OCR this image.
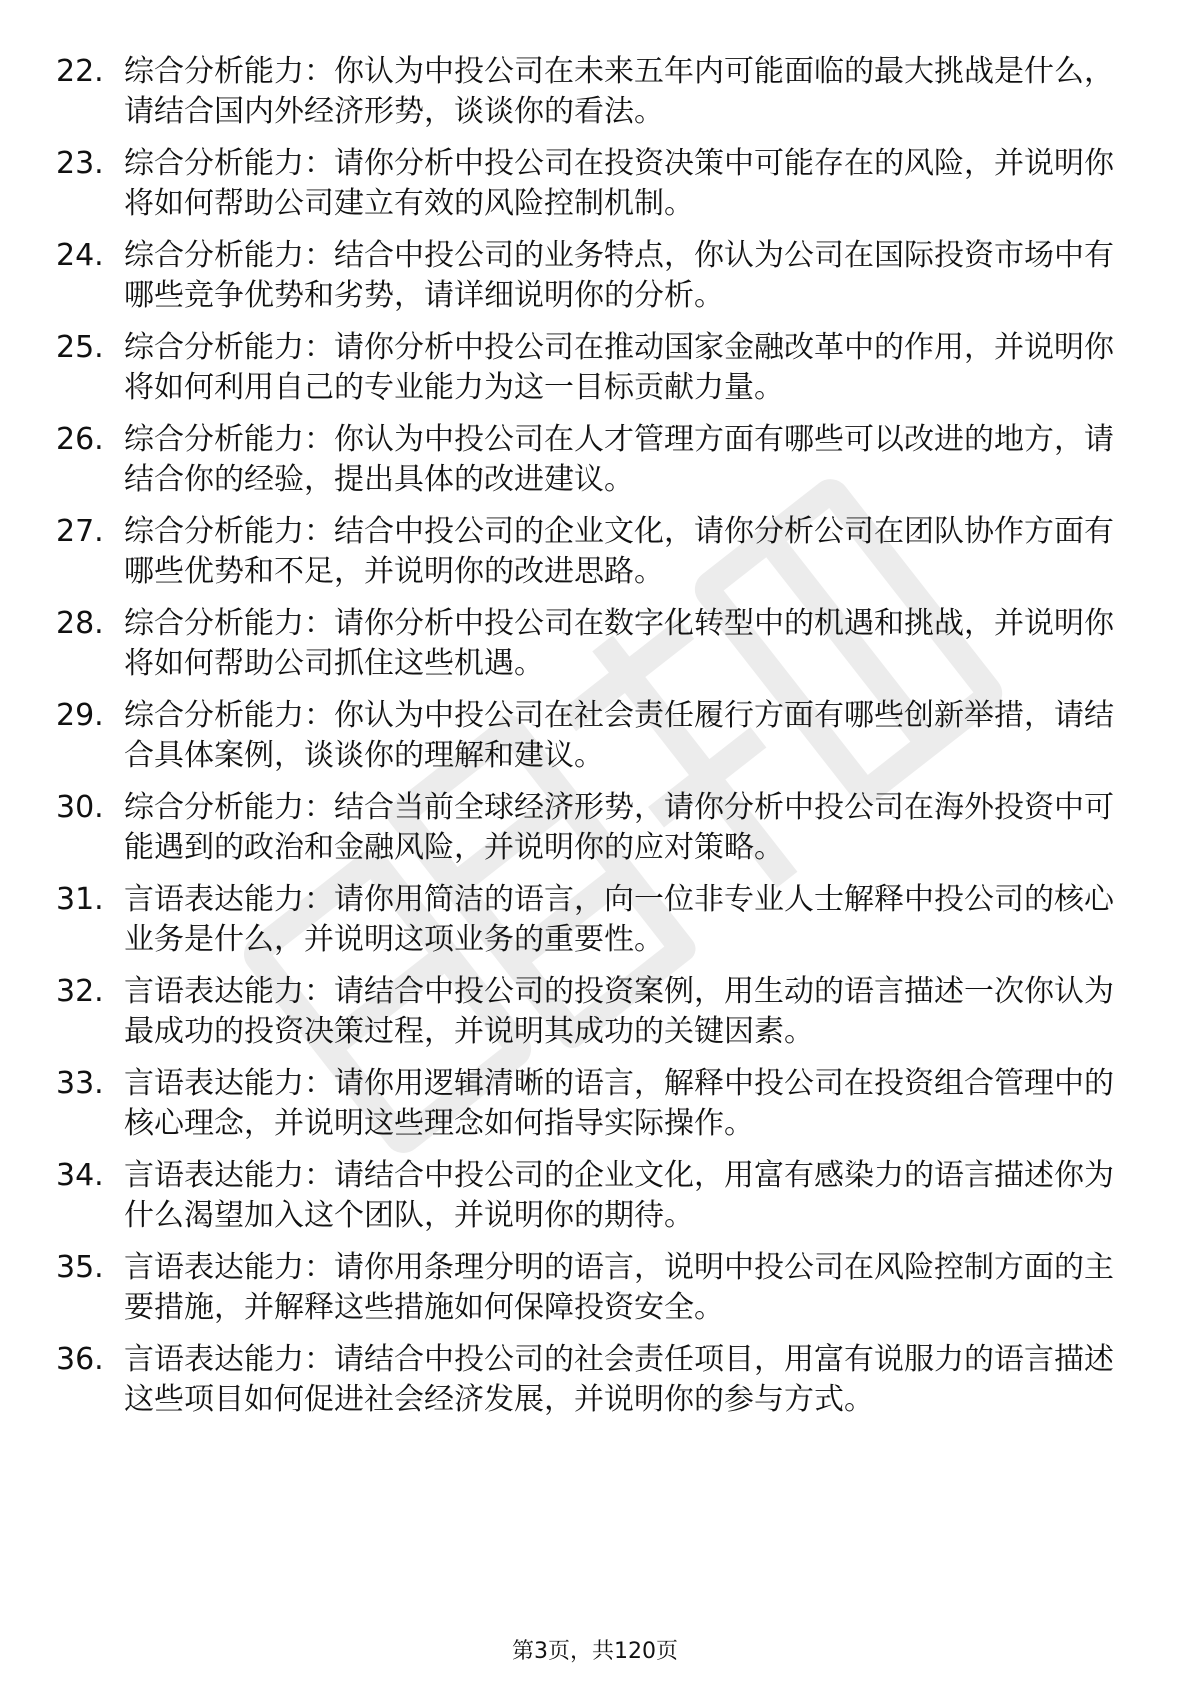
22. 综合分析能力：你认为中投公司在未来五年内可能面临的最大挑战是什么，请结合国内外经济形势，谈谈你的看法。
23. 综合分析能力：请你分析中投公司在投资决策中可能存在的风险，并说明你将如何帮助公司建立有效的风险控制机制。
24. 综合分析能力：结合中投公司的业务特点，你认为公司在国际投资市场中有哪些竞争优势和劣势，请详细说明你的分析。
25. 综合分析能力：请你分析中投公司在推动国家金融改革中的作用，并说明你将如何利用自己的专业能力为这一目标贡献力量。
26. 综合分析能力：你认为中投公司在人才管理方面有哪些可以改进的地方，请结合你的经验，提出具体的改进建议。
27. 综合分析能力：结合中投公司的企业文化，请你分析公司在团队协作方面有哪些优势和不足，并说明你的改进思路。
28. 综合分析能力：请你分析中投公司在数字化转型中的机遇和挑战，并说明你将如何帮助公司抓住这些机遇。
29. 综合分析能力：你认为中投公司在社会责任履行方面有哪些创新举措，请结合具体案例，谈谈你的理解和建议。
30. 综合分析能力：结合当前全球经济形势，请你分析中投公司在海外投资中可能遇到的政治和金融风险，并说明你的应对策略。
31. 言语表达能力：请你用简洁的语言，向一位非专业人士解释中投公司的核心业务是什么，并说明这项业务的重要性。
32. 言语表达能力：请结合中投公司的投资案例，用生动的语言描述一次你认为最成功的投资决策过程，并说明其成功的关键因素。
33. 言语表达能力：请你用逻辑清晰的语言，解释中投公司在投资组合管理中的核心理念，并说明这些理念如何指导实际操作。
34. 言语表达能力：请结合中投公司的企业文化，用富有感染力的语言描述你为什么渴望加入这个团队，并说明你的期待。
35. 言语表达能力：请你用条理分明的语言，说明中投公司在风险控制方面的主要措施，并解释这些措施如何保障投资安全。
36. 言语表达能力：请结合中投公司的社会责任项目，用富有说服力的语言描述这些项目如何促进社会经济发展，并说明你的参与方式。
第3页，共120页
